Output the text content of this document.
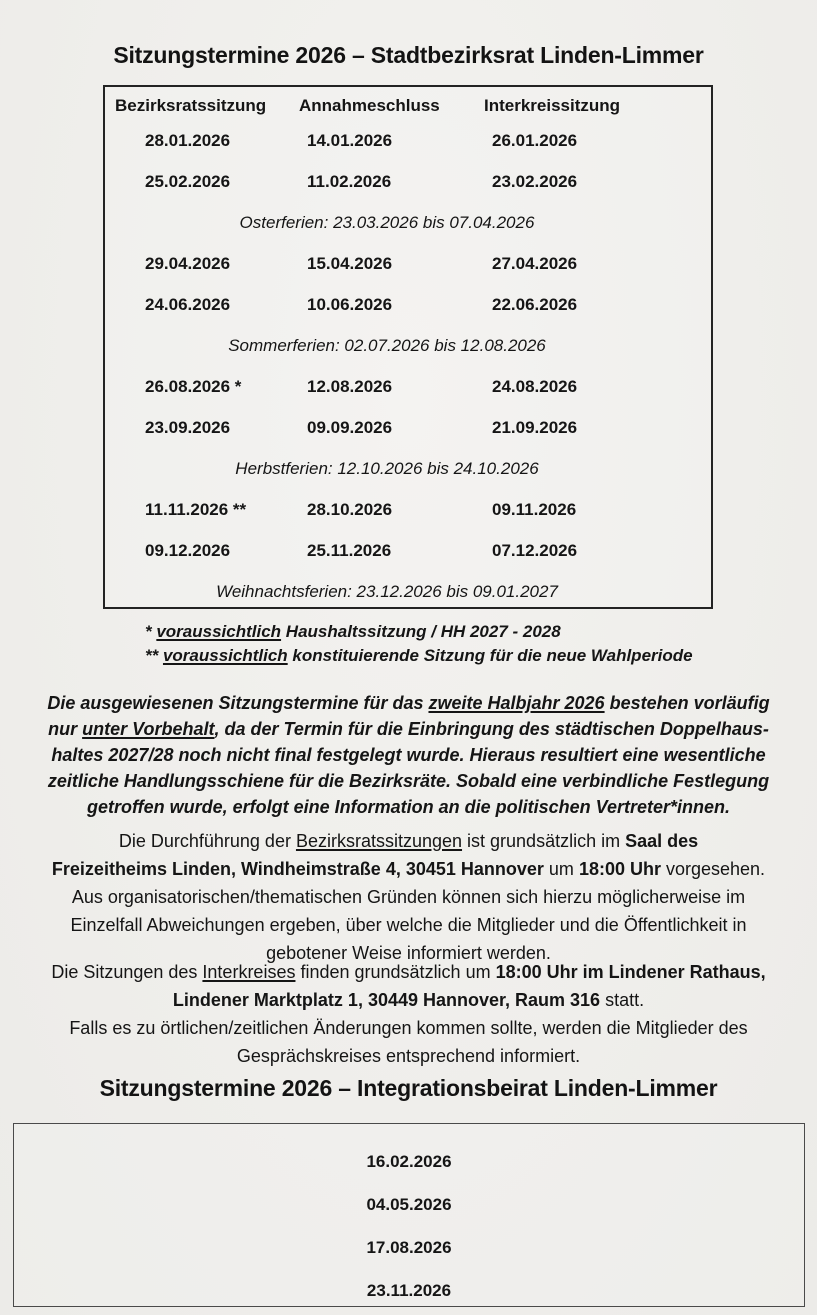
Sitzungstermine 2026 – Stadtbezirksrat Linden-Limmer
Bezirksratssitzung	Annahmeschluss	Interkreissitzung
28.01.2026	14.01.2026	26.01.2026
25.02.2026	11.02.2026	23.02.2026
Osterferien: 23.03.2026 bis 07.04.2026
29.04.2026	15.04.2026	27.04.2026
24.06.2026	10.06.2026	22.06.2026
Sommerferien: 02.07.2026 bis 12.08.2026
26.08.2026 *	12.08.2026	24.08.2026
23.09.2026	09.09.2026	21.09.2026
Herbstferien: 12.10.2026 bis 24.10.2026
11.11.2026 **	28.10.2026	09.11.2026
09.12.2026	25.11.2026	07.12.2026
Weihnachtsferien: 23.12.2026 bis 09.01.2027
* voraussichtlich Haushaltssitzung / HH 2027 - 2028
** voraussichtlich konstituierende Sitzung für die neue Wahlperiode
Die ausgewiesenen Sitzungstermine für das zweite Halbjahr 2026 bestehen vorläufig
nur unter Vorbehalt, da der Termin für die Einbringung des städtischen Doppelhaus-
haltes 2027/28 noch nicht final festgelegt wurde. Hieraus resultiert eine wesentliche
zeitliche Handlungsschiene für die Bezirksräte. Sobald eine verbindliche Festlegung
getroffen wurde, erfolgt eine Information an die politischen Vertreter*innen.
Die Durchführung der Bezirksratssitzungen ist grundsätzlich im Saal des
Freizeitheims Linden, Windheimstraße 4, 30451 Hannover um 18:00 Uhr vorgesehen.
Aus organisatorischen/thematischen Gründen können sich hierzu möglicherweise im
Einzelfall Abweichungen ergeben, über welche die Mitglieder und die Öffentlichkeit in
gebotener Weise informiert werden.
Die Sitzungen des Interkreises finden grundsätzlich um 18:00 Uhr im Lindener Rathaus,
Lindener Marktplatz 1, 30449 Hannover, Raum 316 statt.
Falls es zu örtlichen/zeitlichen Änderungen kommen sollte, werden die Mitglieder des
Gesprächskreises entsprechend informiert.
Sitzungstermine 2026 – Integrationsbeirat Linden-Limmer
16.02.2026
04.05.2026
17.08.2026
23.11.2026
